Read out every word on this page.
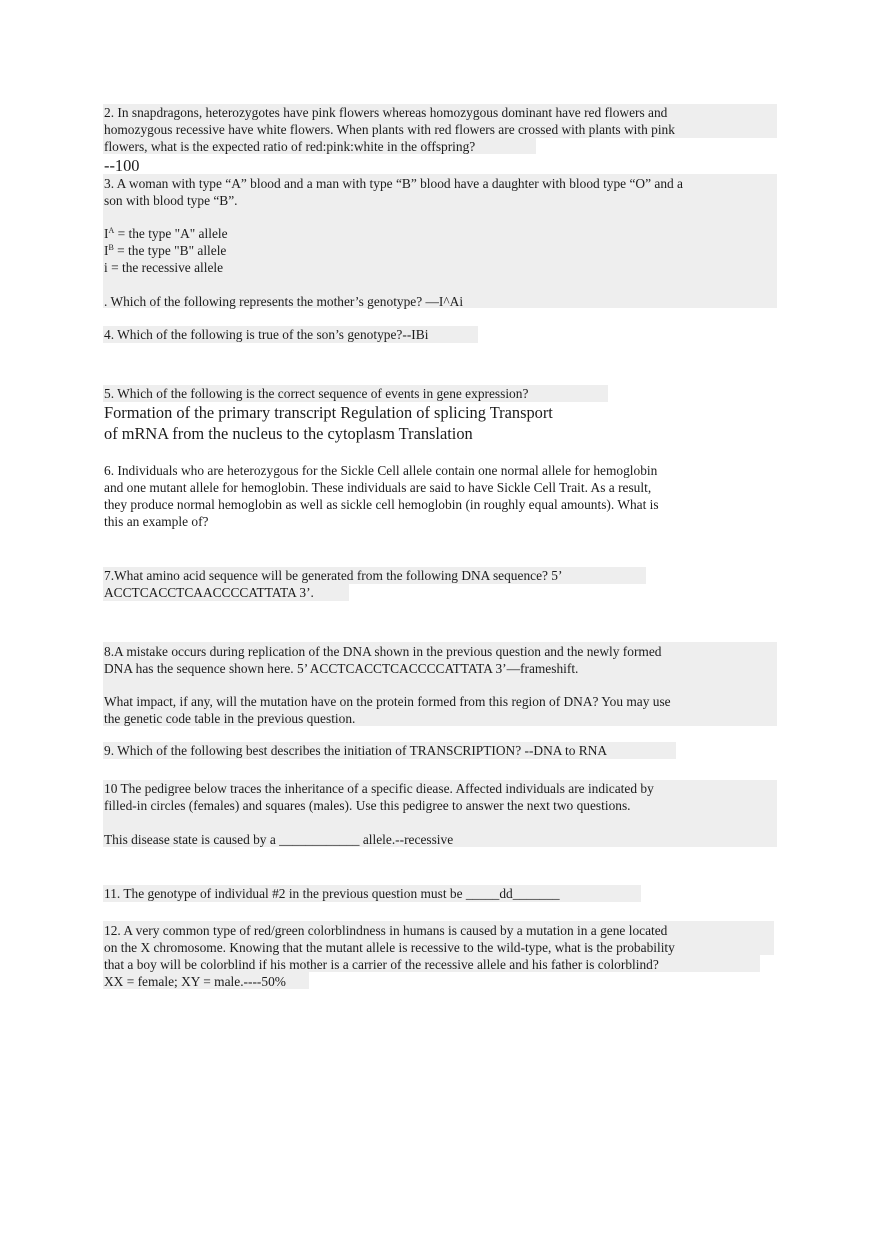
2. In snapdragons, heterozygotes have pink flowers whereas homozygous dominant have red flowers and
homozygous recessive have white flowers. When plants with red flowers are crossed with plants with pink
flowers, what is the expected ratio of red:pink:white in the offspring?
--100
3. A woman with type “A” blood and a man with type “B” blood have a daughter with blood type “O” and a
son with blood type “B”.
$I^A$ = the type "A" allele
$I^B$ = the type "B" allele
i = the recessive allele
. Which of the following represents the mother’s genotype? —I^Ai
4. Which of the following is true of the son’s genotype?--IBi
5. Which of the following is the correct sequence of events in gene expression?
Formation of the primary transcript Regulation of splicing Transport
of mRNA from the nucleus to the cytoplasm Translation
6. Individuals who are heterozygous for the Sickle Cell allele contain one normal allele for hemoglobin
and one mutant allele for hemoglobin. These individuals are said to have Sickle Cell Trait. As a result,
they produce normal hemoglobin as well as sickle cell hemoglobin (in roughly equal amounts). What is
this an example of?
7.What amino acid sequence will be generated from the following DNA sequence? 5’
ACCTCACCTCAACCCCATTATA 3’.
8.A mistake occurs during replication of the DNA shown in the previous question and the newly formed
DNA has the sequence shown here. 5’ ACCTCACCTCACCCCATTATA 3’—frameshift.
What impact, if any, will the mutation have on the protein formed from this region of DNA? You may use
the genetic code table in the previous question.
9. Which of the following best describes the initiation of TRANSCRIPTION? --DNA to RNA
10 The pedigree below traces the inheritance of a specific diease. Affected individuals are indicated by
filled-in circles (females) and squares (males). Use this pedigree to answer the next two questions.
This disease state is caused by a ____________ allele.--recessive
11. The genotype of individual #2 in the previous question must be _____dd_______
12. A very common type of red/green colorblindness in humans is caused by a mutation in a gene located
on the X chromosome. Knowing that the mutant allele is recessive to the wild-type, what is the probability
that a boy will be colorblind if his mother is a carrier of the recessive allele and his father is colorblind?
XX = female; XY = male.----50%
